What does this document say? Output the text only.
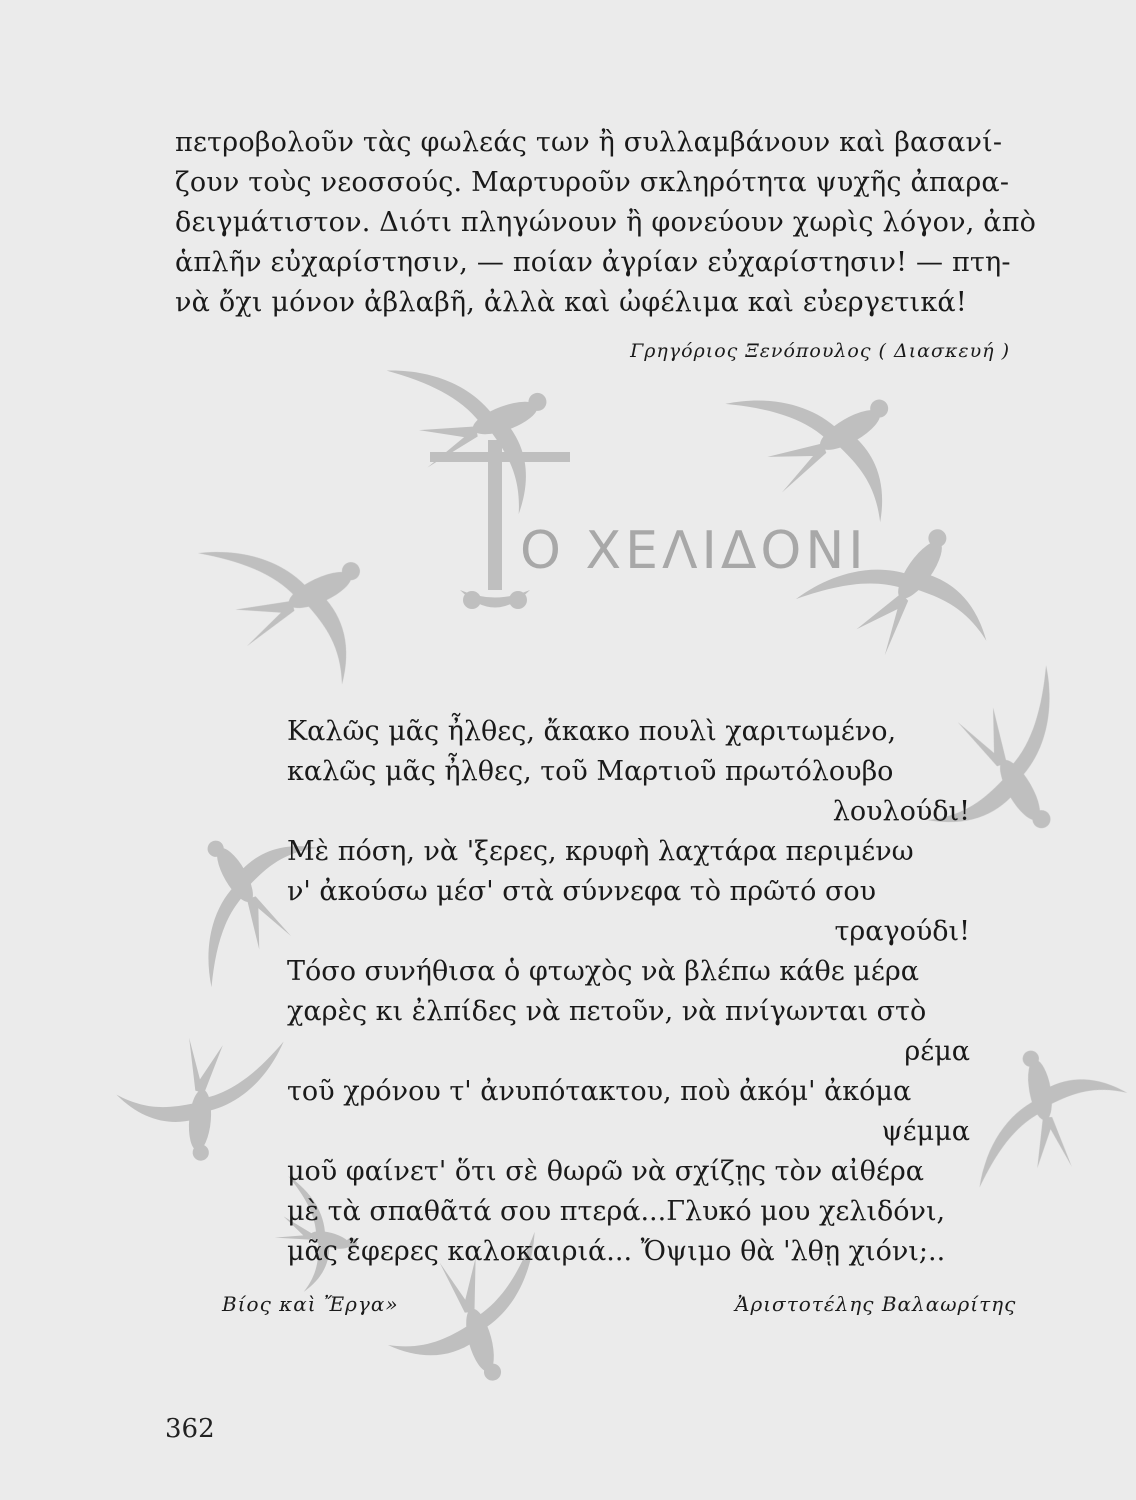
πετροβολοῦν τὰς φωλεάς των ἢ συλλαμβάνουν καὶ βασανί-
ζουν τοὺς νεοσσούς. Μαρτυροῦν σκληρότητα ψυχῆς ἀπαρα-
δειγμάτιστον. Διότι πληγώνουν ἢ φονεύουν χωρὶς λόγον, ἀπὸ
ἁπλῆν εὐχαρίστησιν, — ποίαν ἀγρίαν εὐχαρίστησιν! — πτη-
νὰ ὄχι μόνον ἀβλαβῆ, ἀλλὰ καὶ ὠφέλιμα καὶ εὐεργετικά!
Γρηγόριος Ξενόπουλος ( Διασκευή )
Ο ΧΕΛΙΔΟΝΙ
Καλῶς μᾶς ἦλθες, ἄκακο πουλὶ χαριτωμένο,
καλῶς μᾶς ἦλθες, τοῦ Μαρτιοῦ πρωτόλουβο
λουλούδι!
Μὲ πόση, νὰ 'ξερες, κρυφὴ λαχτάρα περιμένω
ν' ἀκούσω μέσ' στὰ σύννεφα τὸ πρῶτό σου
τραγούδι!
Τόσο συνήθισα ὁ φτωχὸς νὰ βλέπω κάθε μέρα
χαρὲς κι ἐλπίδες νὰ πετοῦν, νὰ πνίγωνται στὸ
ρέμα
τοῦ χρόνου τ' ἀνυπότακτου, ποὺ ἀκόμ' ἀκόμα
ψέμμα
μοῦ φαίνετ' ὅτι σὲ θωρῶ νὰ σχίζῃς τὸν αἰθέρα
μὲ τὰ σπαθᾶτά σου πτερά...Γλυκό μου χελιδόνι,
μᾶς ἔφερες καλοκαιριά... Ὄψιμο θὰ 'λθῃ χιόνι;..
Βίος καὶ Ἔργα»	Ἀριστοτέλης Βαλαωρίτης
362
